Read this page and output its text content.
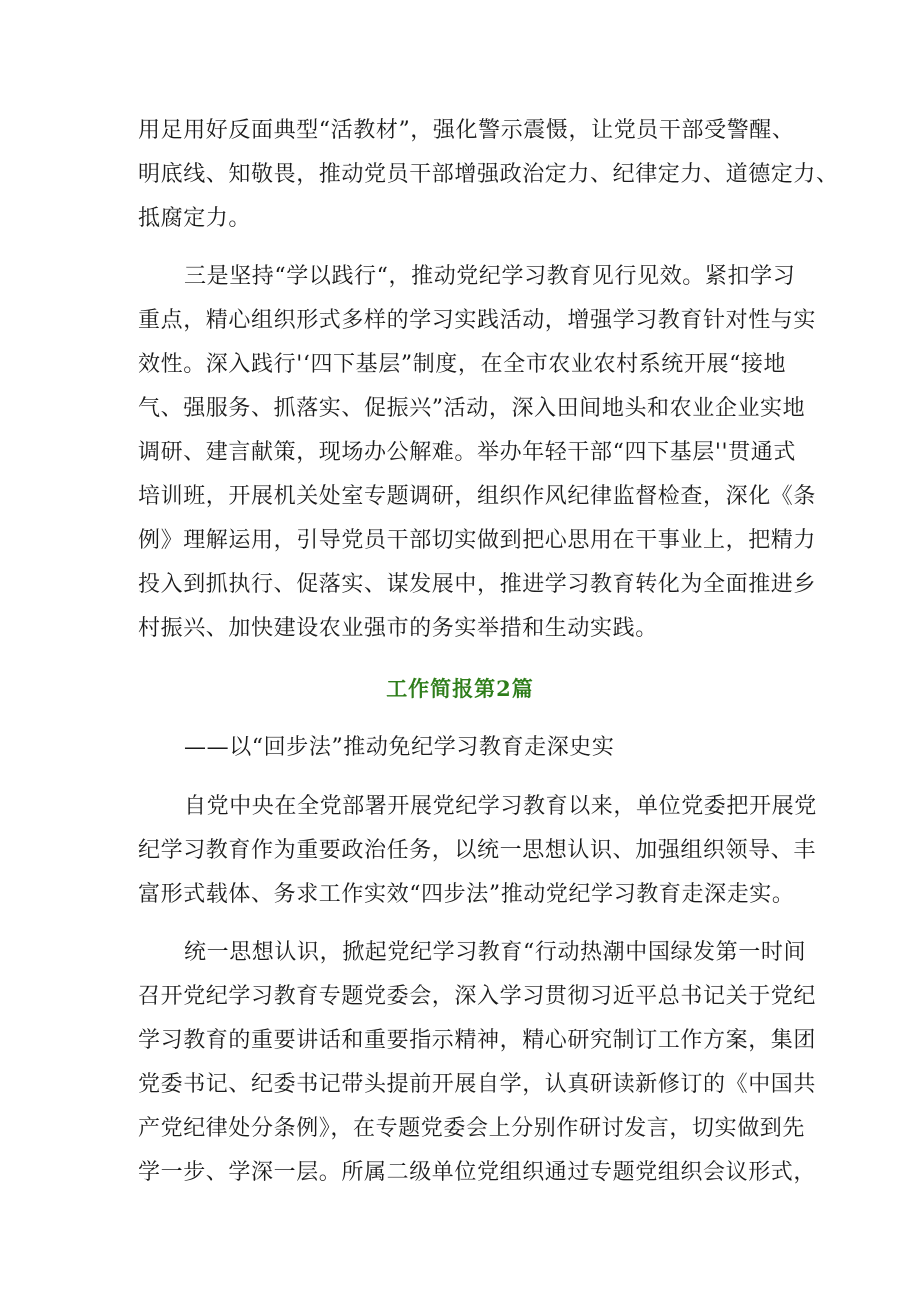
用足用好反面典型“活教材”，强化警示震慑，让党员干部受警醒、
明底线、知敬畏，推动党员干部增强政治定力、纪律定力、道德定力、
抵腐定力。
三是坚持“学以践行“，推动党纪学习教育见行见效。紧扣学习
重点，精心组织形式多样的学习实践活动，增强学习教育针对性与实
效性。深入践行'‘四下基层”制度，在全市农业农村系统开展“接地
气、强服务、抓落实、促振兴”活动，深入田间地头和农业企业实地
调研、建言献策，现场办公解难。举办年轻干部“四下基层''贯通式
培训班，开展机关处室专题调研，组织作风纪律监督检查，深化《条
例》理解运用，引导党员干部切实做到把心思用在干事业上，把精力
投入到抓执行、促落实、谋发展中，推进学习教育转化为全面推进乡
村振兴、加快建设农业强市的务实举措和生动实践。
工作简报第2篇
——以“回步法”推动免纪学习教育走深史实
自党中央在全党部署开展党纪学习教育以来，单位党委把开展党
纪学习教育作为重要政治任务，以统一思想认识、加强组织领导、丰
富形式载体、务求工作实效“四步法”推动党纪学习教育走深走实。
统一思想认识，掀起党纪学习教育“行动热潮中国绿发第一时间
召开党纪学习教育专题党委会，深入学习贯彻习近平总书记关于党纪
学习教育的重要讲话和重要指示精神，精心研究制订工作方案，集团
党委书记、纪委书记带头提前开展自学，认真研读新修订的《中国共
产党纪律处分条例》，在专题党委会上分别作研讨发言，切实做到先
学一步、学深一层。所属二级单位党组织通过专题党组织会议形式，
